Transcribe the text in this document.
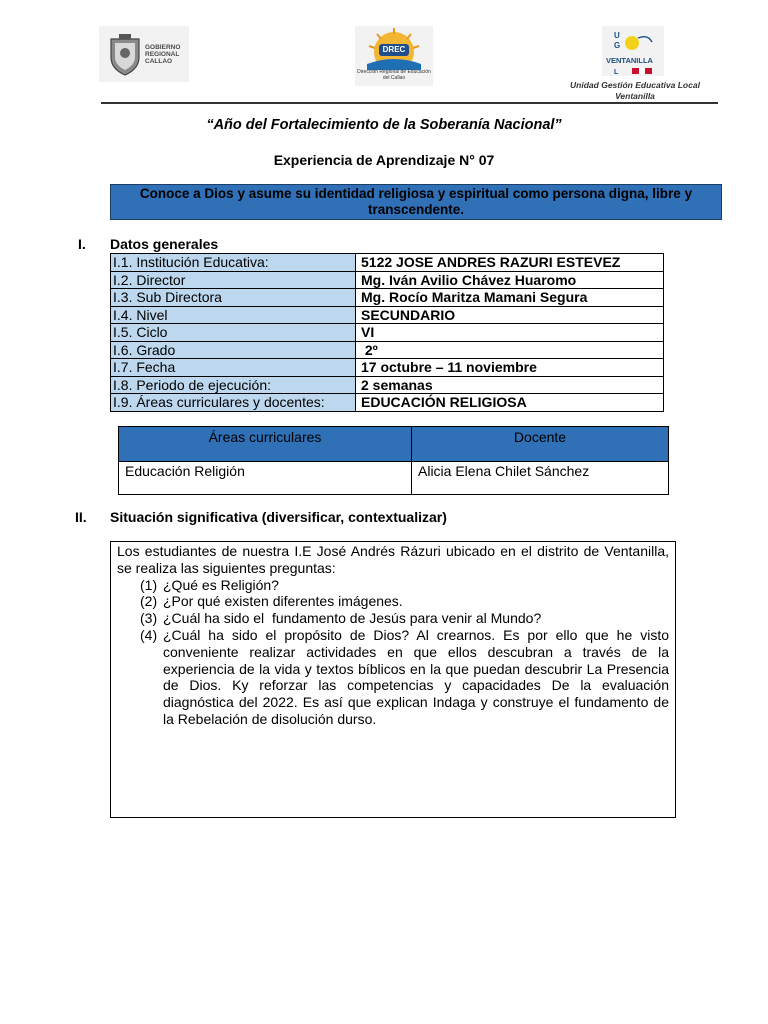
GOBIERNO REGIONAL CALLAO
DREC
Dirección Regional de Educación del Callao
U
G
VENTANILLA
L
Unidad Gestión Educativa Local Ventanilla
“Año del Fortalecimiento de la Soberanía Nacional”
Experiencia de Aprendizaje N° 07
Conoce a Dios y asume su identidad religiosa y espiritual como persona digna, libre y transcendente.
I. Datos generales
I.1. Institución Educativa:	5122 JOSE ANDRES RAZURI ESTEVEZ
I.2. Director	Mg. Iván Avilio Chávez Huaromo
I.3. Sub Directora	Mg. Rocío Maritza Mamani Segura
I.4. Nivel	SECUNDARIO
I.5. Ciclo	VI
I.6. Grado	2º
I.7. Fecha	17 octubre – 11 noviembre
I.8. Periodo de ejecución:	2 semanas
I.9. Áreas curriculares y docentes:	EDUCACIÓN RELIGIOSA
Áreas curriculares	Docente
Educación Religión	Alicia Elena Chilet Sánchez
II. Situación significativa (diversificar, contextualizar)
Los estudiantes de nuestra I.E José Andrés Rázuri ubicado en el distrito de Ventanilla, se realiza las siguientes preguntas:
(1) ¿Qué es Religión?
(2) ¿Por qué existen diferentes imágenes.
(3) ¿Cuál ha sido el  fundamento de Jesús para venir al Mundo?
(4) ¿Cuál ha sido el propósito de Dios? Al crearnos. Es por ello que he visto conveniente realizar actividades en que ellos descubran a través de la experiencia de la vida y textos bíblicos en la que puedan descubrir La Presencia de Dios. Ky reforzar las competencias y capacidades De la evaluación diagnóstica del 2022. Es así que explican Indaga y construye el fundamento de la Rebelación de disolución durso.
